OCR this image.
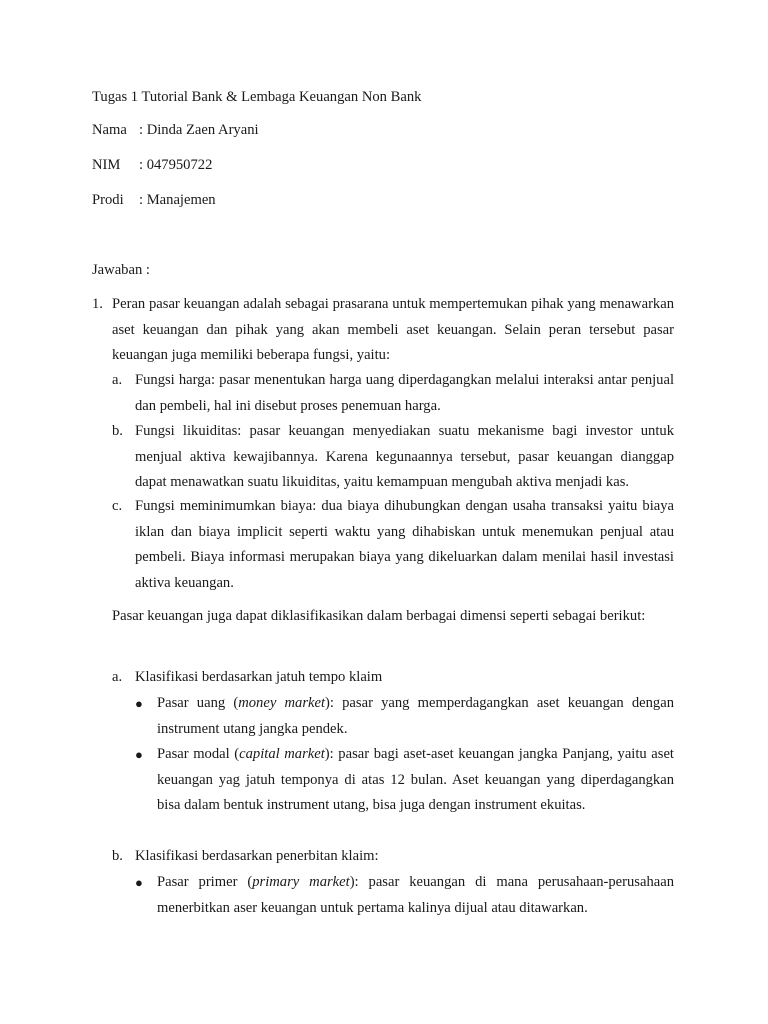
Tugas 1 Tutorial Bank & Lembaga Keuangan Non Bank
Nama : Dinda Zaen Aryani
NIM : 047950722
Prodi : Manajemen
Jawaban :
1. Peran pasar keuangan adalah sebagai prasarana untuk mempertemukan pihak yang menawarkan aset keuangan dan pihak yang akan membeli aset keuangan. Selain peran tersebut pasar keuangan juga memiliki beberapa fungsi, yaitu:

a. Fungsi harga: pasar menentukan harga uang diperdagangkan melalui interaksi antar penjual dan pembeli, hal ini disebut proses penemuan harga.

b. Fungsi likuiditas: pasar keuangan menyediakan suatu mekanisme bagi investor untuk menjual aktiva kewajibannya. Karena kegunaannya tersebut, pasar keuangan dianggap dapat menawatkan suatu likuiditas, yaitu kemampuan mengubah aktiva menjadi kas.

c. Fungsi meminimumkan biaya: dua biaya dihubungkan dengan usaha transaksi yaitu biaya iklan dan biaya implicit seperti waktu yang dihabiskan untuk menemukan penjual atau pembeli. Biaya informasi merupakan biaya yang dikeluarkan dalam menilai hasil investasi aktiva keuangan.

Pasar keuangan juga dapat diklasifikasikan dalam berbagai dimensi seperti sebagai berikut:

a. Klasifikasi berdasarkan jatuh tempo klaim
● Pasar uang (money market): pasar yang memperdagangkan aset keuangan dengan instrument utang jangka pendek.

● Pasar modal (capital market): pasar bagi aset-aset keuangan jangka Panjang, yaitu aset keuangan yag jatuh temponya di atas 12 bulan. Aset keuangan yang diperdagangkan bisa dalam bentuk instrument utang, bisa juga dengan instrument ekuitas.

b. Klasifikasi berdasarkan penerbitan klaim:
● Pasar primer (primary market): pasar keuangan di mana perusahaan-perusahaan menerbitkan aser keuangan untuk pertama kalinya dijual atau ditawarkan.
